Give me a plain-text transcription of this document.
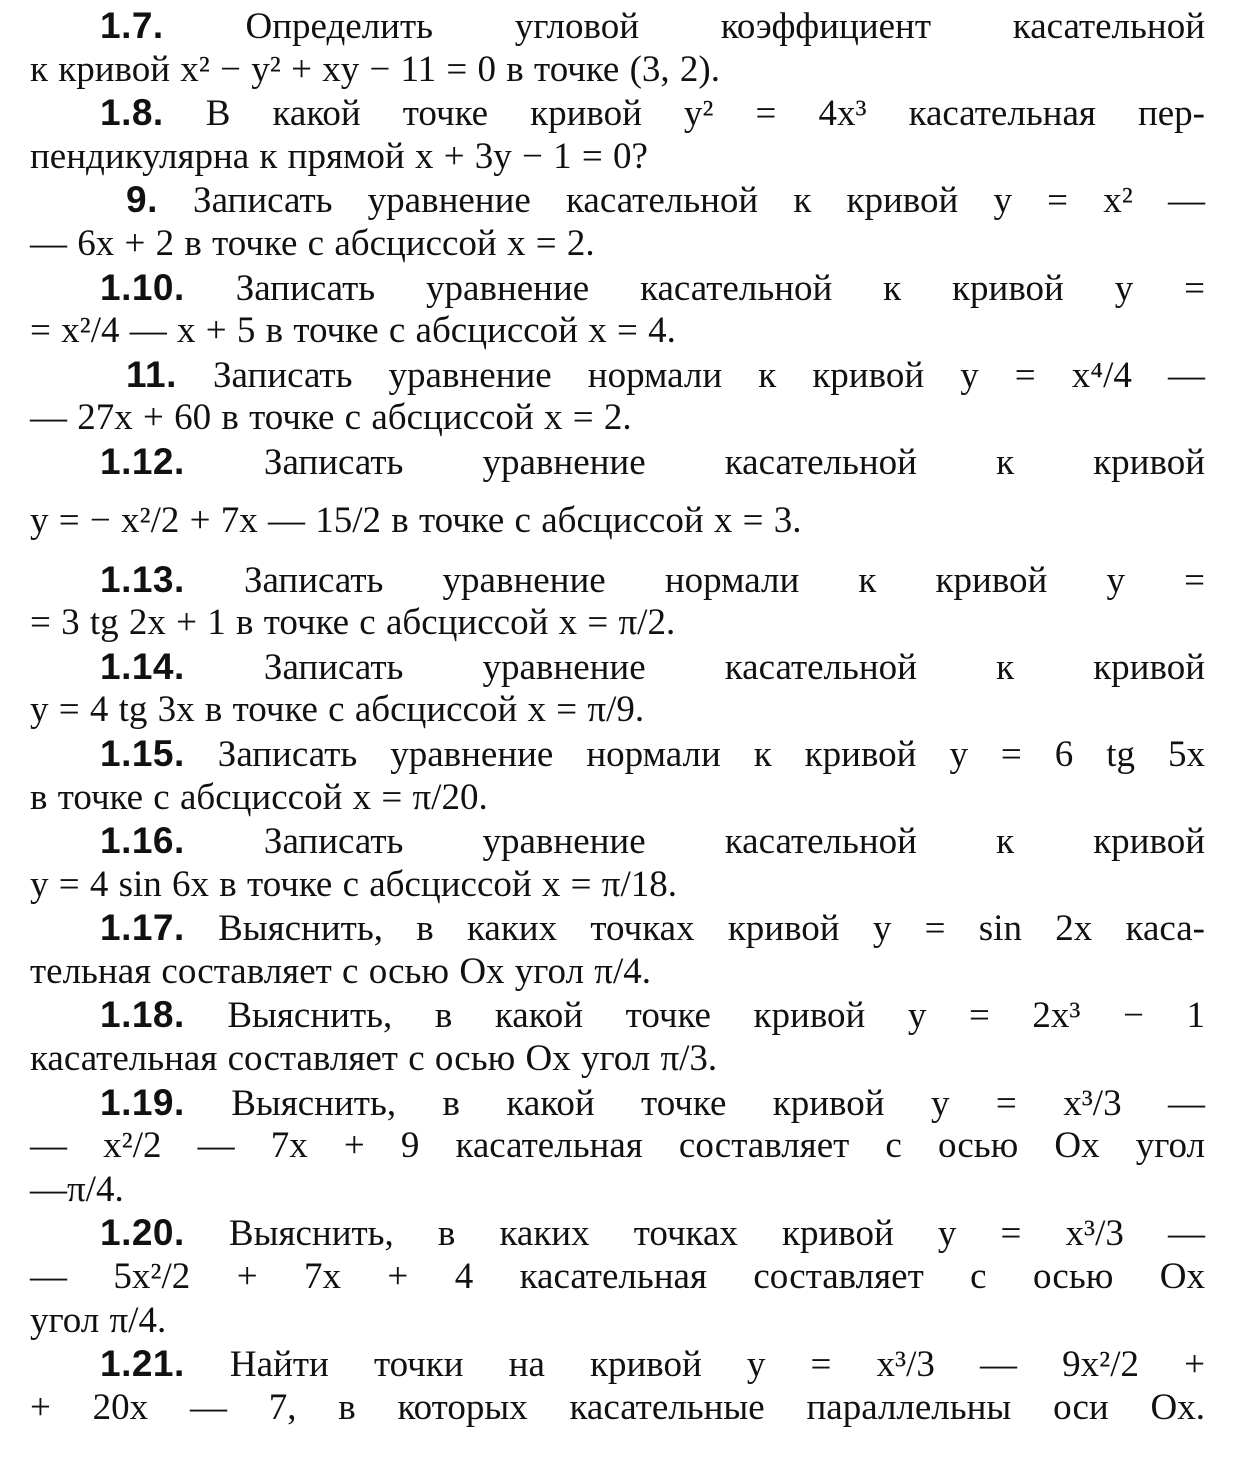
1.7. Определить угловой коэффициент касательной
к кривой x² − y² + xy − 11 = 0 в точке (3, 2).
1.8. В какой точке кривой y² = 4x³ касательная пер-
пендикулярна к прямой x + 3y − 1 = 0?
9. Записать уравнение касательной к кривой y = x² —
— 6x + 2 в точке с абсциссой x = 2.
1.10. Записать уравнение касательной к кривой y =
= x²/4 — x + 5 в точке с абсциссой x = 4.
11. Записать уравнение нормали к кривой y = x⁴/4 —
— 27x + 60 в точке с абсциссой x = 2.
1.12. Записать уравнение касательной к кривой
y = − x²/2 + 7x — 15/2 в точке с абсциссой x = 3.
1.13. Записать уравнение нормали к кривой y =
= 3 tg 2x + 1 в точке с абсциссой x = π/2.
1.14. Записать уравнение касательной к кривой
y = 4 tg 3x в точке с абсциссой x = π/9.
1.15. Записать уравнение нормали к кривой y = 6 tg 5x
в точке с абсциссой x = π/20.
1.16. Записать уравнение касательной к кривой
y = 4 sin 6x в точке с абсциссой x = π/18.
1.17. Выяснить, в каких точках кривой y = sin 2x каса-
тельная составляет с осью Ox угол π/4.
1.18. Выяснить, в какой точке кривой y = 2x³ − 1
касательная составляет с осью Ox угол π/3.
1.19. Выяснить, в какой точке кривой y = x³/3 —
— x²/2 — 7x + 9 касательная составляет с осью Ox угол
—π/4.
1.20. Выяснить, в каких точках кривой y = x³/3 —
— 5x²/2 + 7x + 4 касательная составляет с осью Ox
угол π/4.
1.21. Найти точки на кривой y = x³/3 — 9x²/2 +
+ 20x — 7, в которых касательные параллельны оси Ox.
